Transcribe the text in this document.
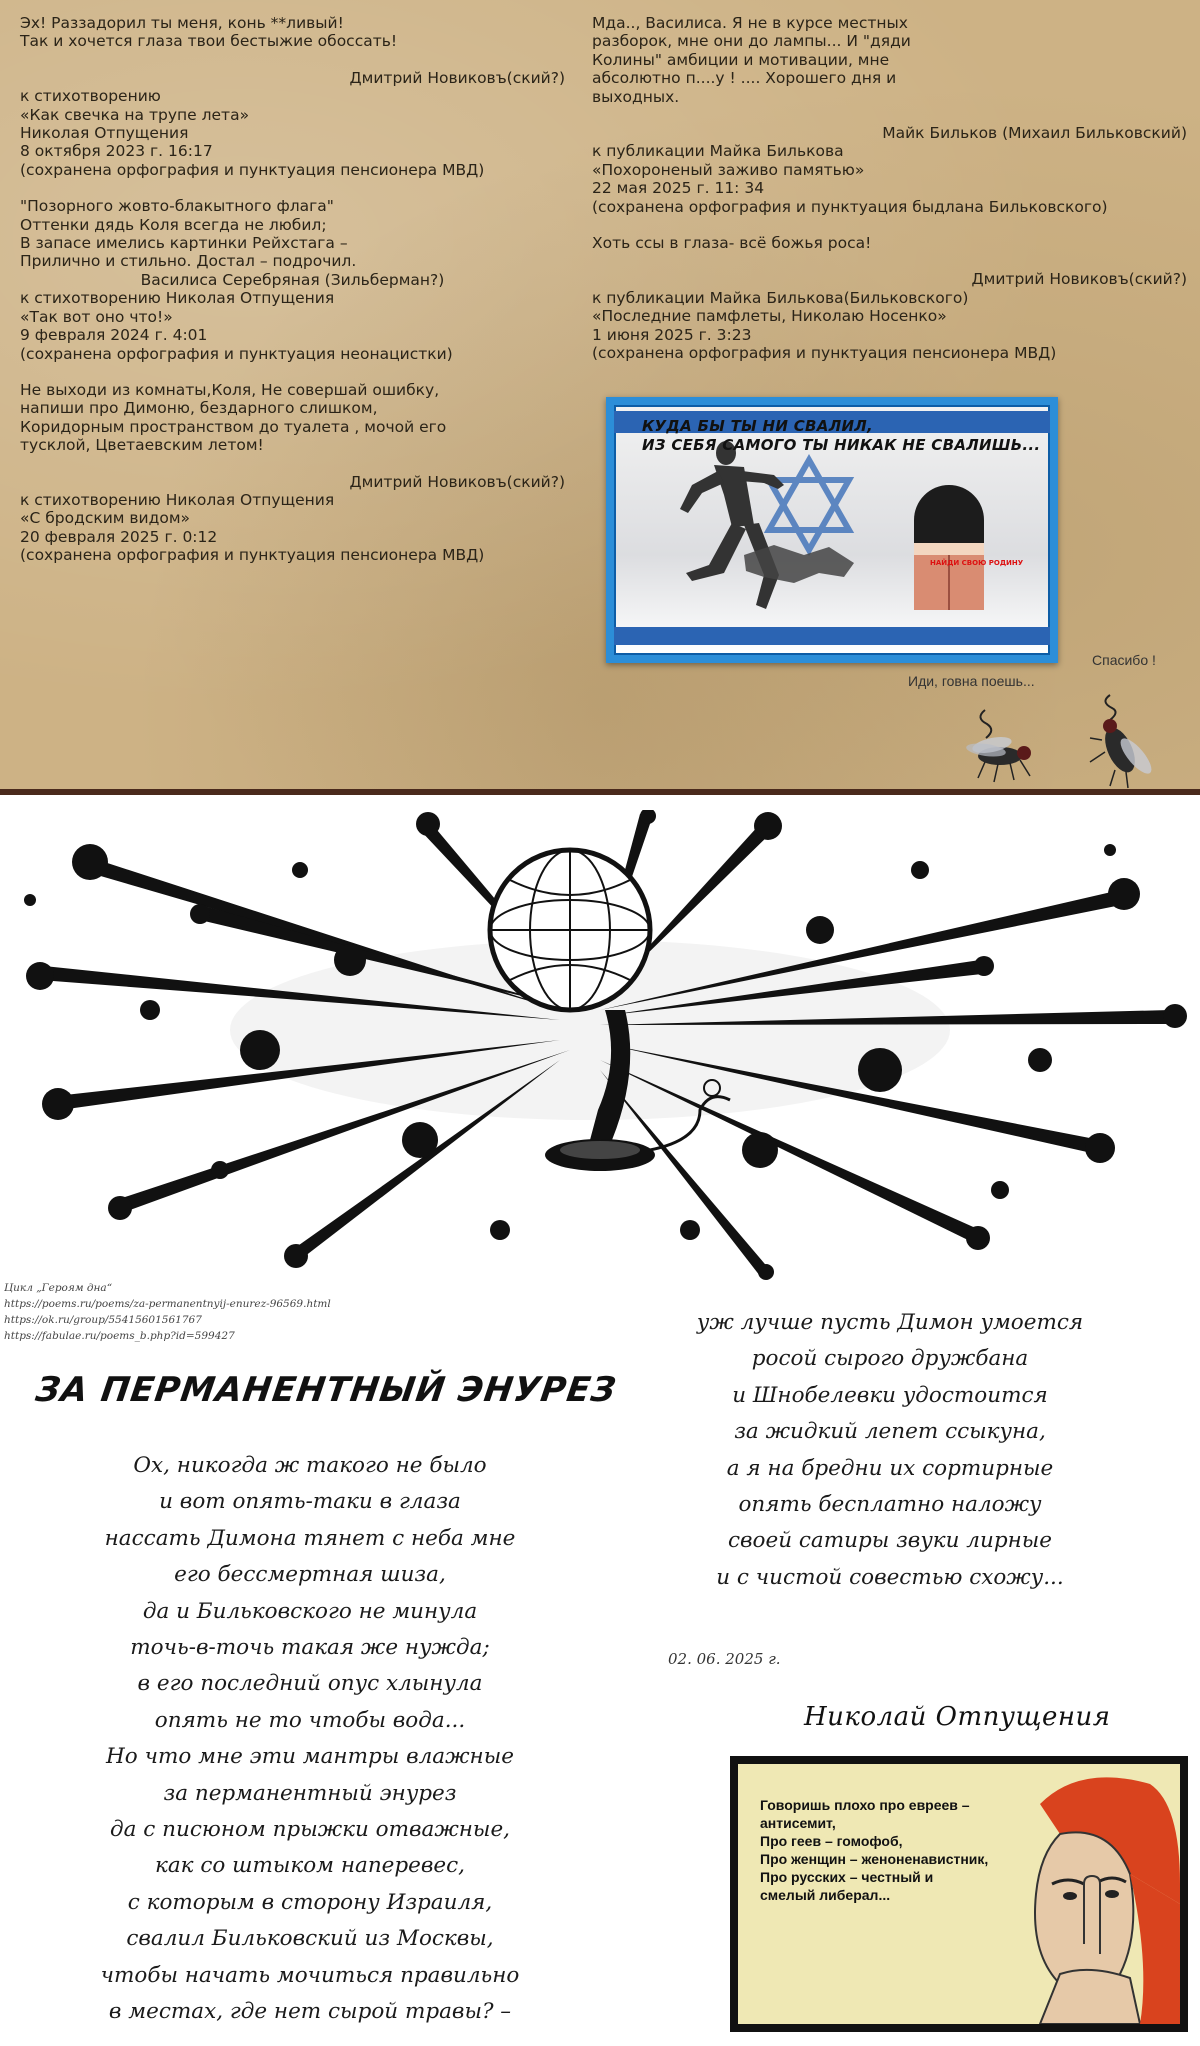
Эх! Раззадорил ты меня, конь **ливый!
Так и хочется глаза твои бестыжие обоссать!
Дмитрий Новиковъ(ский?)
к стихотворению
«Как свечка на трупе лета»
Николая Отпущения
8 октября 2023 г. 16:17
(сохранена орфография и пунктуация пенсионера МВД)
"Позорного жовто-блакытного флага"
Оттенки дядь Коля всегда не любил;
В запасе имелись картинки Рейхстага –
Прилично и стильно. Достал – подрочил.
Василиса Серебряная (Зильберман?)
к стихотворению Николая Отпущения
«Так вот оно что!»
9 февраля 2024 г. 4:01
(сохранена орфография и пунктуация неонацистки)
Не выходи из комнаты,Коля, Не совершай ошибку,
напиши про Димоню, бездарного слишком,
Коридорным пространством до туалета , мочой его
тусклой, Цветаевским летом!
Дмитрий Новиковъ(ский?)
к стихотворению Николая Отпущения
«С бродским видом»
20 февраля 2025 г. 0:12
(сохранена орфография и пунктуация пенсионера МВД)
Мда.., Василиса. Я не в курсе местных
разборок, мне они до лампы... И "дяди
Колины" амбиции и мотивации, мне
абсолютно п....у ! .... Хорошего дня и
выходных.
Майк Бильков (Михаил Бильковский)
к публикации Майка Билькова
«Похороненый заживо памятью»
22 мая 2025 г. 11: 34
(сохранена орфография и пунктуация быдлана Бильковского)
Хоть ссы в глаза- всё божья роса!
Дмитрий Новиковъ(ский?)
к публикации Майка Билькова(Бильковского)
«Последние памфлеты, Николаю Носенко»
1 июня 2025 г. 3:23
(сохранена орфография и пунктуация пенсионера МВД)
КУДА БЫ ТЫ НИ СВАЛИЛ,
ИЗ СЕБЯ САМОГО ТЫ НИКАК НЕ СВАЛИШЬ...
НАЙДИ СВОЮ РОДИНУ
Иди, говна поешь...
Спасибо !
Цикл „Героям дна“
https://poems.ru/poems/za-permanentnyij-enurez-96569.html
https://ok.ru/group/55415601561767
https://fabulae.ru/poems_b.php?id=599427
ЗА ПЕРМАНЕНТНЫЙ ЭНУРЕЗ
Ох, никогда ж такого не было
и вот опять-таки в глаза
нассать Димона тянет с неба мне
его бессмертная шиза,
да и Бильковского не минула
точь-в-точь такая же нужда;
в его последний опус хлынула
опять не то чтобы вода...
Но что мне эти мантры влажные
за перманентный энурез
да с писюном прыжки отважные,
как со штыком наперевес,
с которым в сторону Израиля,
свалил Бильковский из Москвы,
чтобы начать мочиться правильно
в местах, где нет сырой травы? –
уж лучше пусть Димон умоется
росой сырого дружбана
и Шнобелевки удостоится
за жидкий лепет ссыкуна,
а я на бредни их сортирные
опять бесплатно наложу
своей сатиры звуки лирные
и с чистой совестью схожу...
02. 06. 2025 г.
Николай Отпущения
Говоришь плохо про евреев –
антисемит,
Про геев – гомофоб,
Про женщин – женоненавистник,
Про русских – честный и
смелый либерал...
